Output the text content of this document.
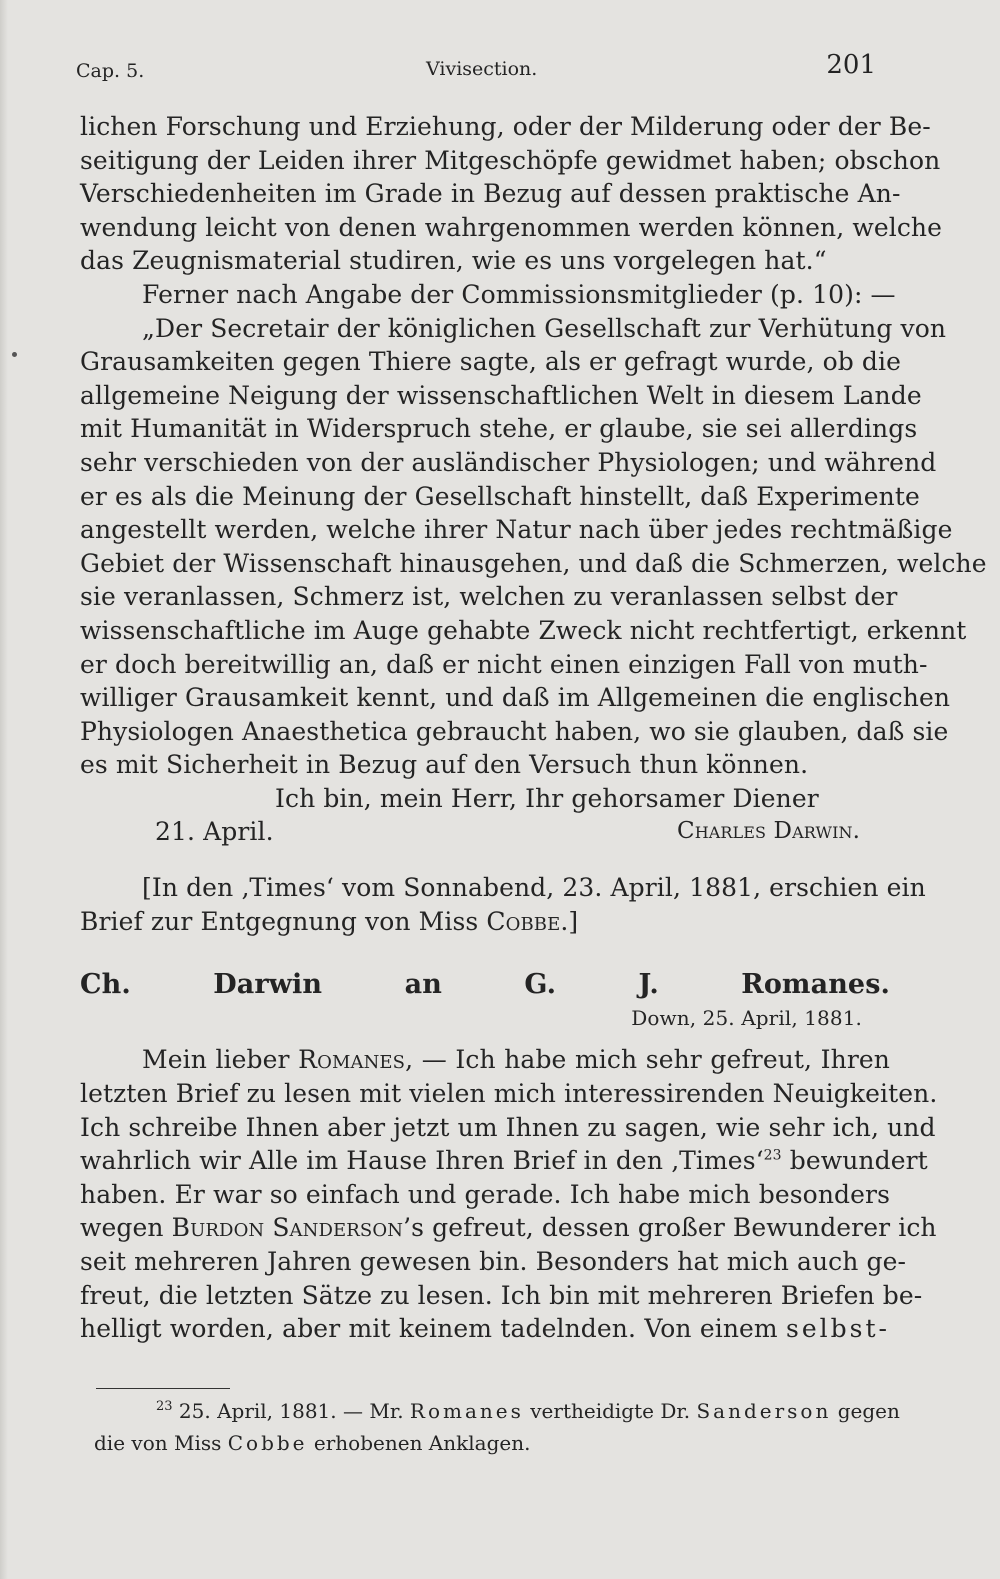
Cap. 5.	Vivisection.	201
lichen Forschung und Erziehung, oder der Milderung oder der Be-
seitigung der Leiden ihrer Mitgeschöpfe gewidmet haben; obschon
Verschiedenheiten im Grade in Bezug auf dessen praktische An-
wendung leicht von denen wahrgenommen werden können, welche
das Zeugnismaterial studiren, wie es uns vorgelegen hat.“
Ferner nach Angabe der Commissionsmitglieder (p. 10): —
„Der Secretair der königlichen Gesellschaft zur Verhütung von
Grausamkeiten gegen Thiere sagte, als er gefragt wurde, ob die
allgemeine Neigung der wissenschaftlichen Welt in diesem Lande
mit Humanität in Widerspruch stehe, er glaube, sie sei allerdings
sehr verschieden von der ausländischer Physiologen; und während
er es als die Meinung der Gesellschaft hinstellt, daß Experimente
angestellt werden, welche ihrer Natur nach über jedes rechtmäßige
Gebiet der Wissenschaft hinausgehen, und daß die Schmerzen, welche
sie veranlassen, Schmerz ist, welchen zu veranlassen selbst der
wissenschaftliche im Auge gehabte Zweck nicht rechtfertigt, erkennt
er doch bereitwillig an, daß er nicht einen einzigen Fall von muth-
williger Grausamkeit kennt, und daß im Allgemeinen die englischen
Physiologen Anaesthetica gebraucht haben, wo sie glauben, daß sie
es mit Sicherheit in Bezug auf den Versuch thun können.
Ich bin, mein Herr, Ihr gehorsamer Diener
21. April.	Charles Darwin.
[In den ‚Times‘ vom Sonnabend, 23. April, 1881, erschien ein
Brief zur Entgegnung von Miss Cobbe.]
Ch. Darwin an G. J. Romanes.
Down, 25. April, 1881.
Mein lieber Romanes, — Ich habe mich sehr gefreut, Ihren
letzten Brief zu lesen mit vielen mich interessirenden Neuigkeiten.
Ich schreibe Ihnen aber jetzt um Ihnen zu sagen, wie sehr ich, und
wahrlich wir Alle im Hause Ihren Brief in den ‚Times‘$^{23}$ bewundert
haben. Er war so einfach und gerade. Ich habe mich besonders
wegen Burdon Sanderson’s gefreut, dessen großer Bewunderer ich
seit mehreren Jahren gewesen bin. Besonders hat mich auch ge-
freut, die letzten Sätze zu lesen. Ich bin mit mehreren Briefen be-
helligt worden, aber mit keinem tadelnden. Von einem selbst-
$^{23}$ 25. April, 1881. — Mr. Romanes vertheidigte Dr. Sanderson gegen
die von Miss Cobbe erhobenen Anklagen.
